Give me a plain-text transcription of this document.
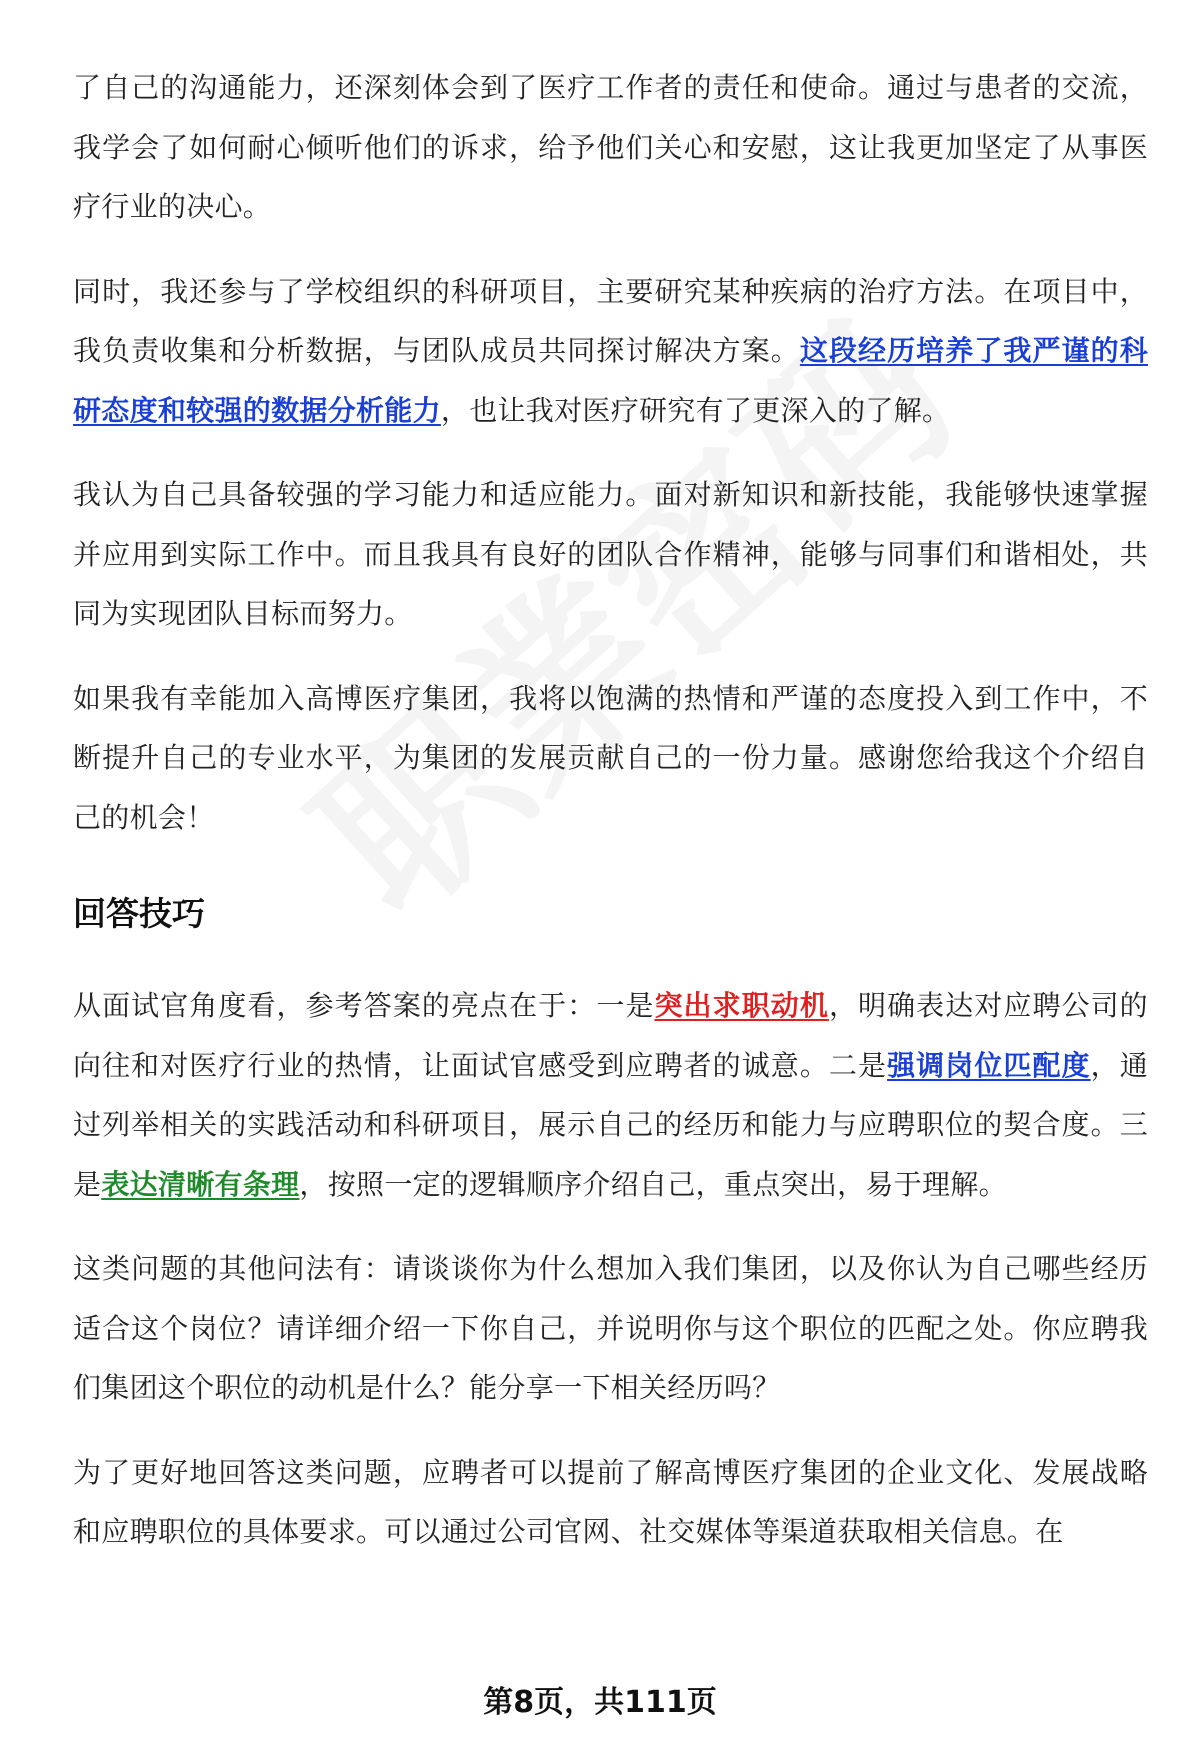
了自己的沟通能力，还深刻体会到了医疗工作者的责任和使命。通过与患者的交流，我学会了如何耐心倾听他们的诉求，给予他们关心和安慰，这让我更加坚定了从事医疗行业的决心。

同时，我还参与了学校组织的科研项目，主要研究某种疾病的治疗方法。在项目中，我负责收集和分析数据，与团队成员共同探讨解决方案。这段经历培养了我严谨的科研态度和较强的数据分析能力，也让我对医疗研究有了更深入的了解。

我认为自己具备较强的学习能力和适应能力。面对新知识和新技能，我能够快速掌握并应用到实际工作中。而且我具有良好的团队合作精神，能够与同事们和谐相处，共同为实现团队目标而努力。

如果我有幸能加入高博医疗集团，我将以饱满的热情和严谨的态度投入到工作中，不断提升自己的专业水平，为集团的发展贡献自己的一份力量。感谢您给我这个介绍自己的机会！

回答技巧

从面试官角度看，参考答案的亮点在于：一是突出求职动机，明确表达对应聘公司的向往和对医疗行业的热情，让面试官感受到应聘者的诚意。二是强调岗位匹配度，通过列举相关的实践活动和科研项目，展示自己的经历和能力与应聘职位的契合度。三是表达清晰有条理，按照一定的逻辑顺序介绍自己，重点突出，易于理解。

这类问题的其他问法有：请谈谈你为什么想加入我们集团，以及你认为自己哪些经历适合这个岗位？请详细介绍一下你自己，并说明你与这个职位的匹配之处。你应聘我们集团这个职位的动机是什么？能分享一下相关经历吗？

为了更好地回答这类问题，应聘者可以提前了解高博医疗集团的企业文化、发展战略和应聘职位的具体要求。可以通过公司官网、社交媒体等渠道获取相关信息。在

第8页，共111页
